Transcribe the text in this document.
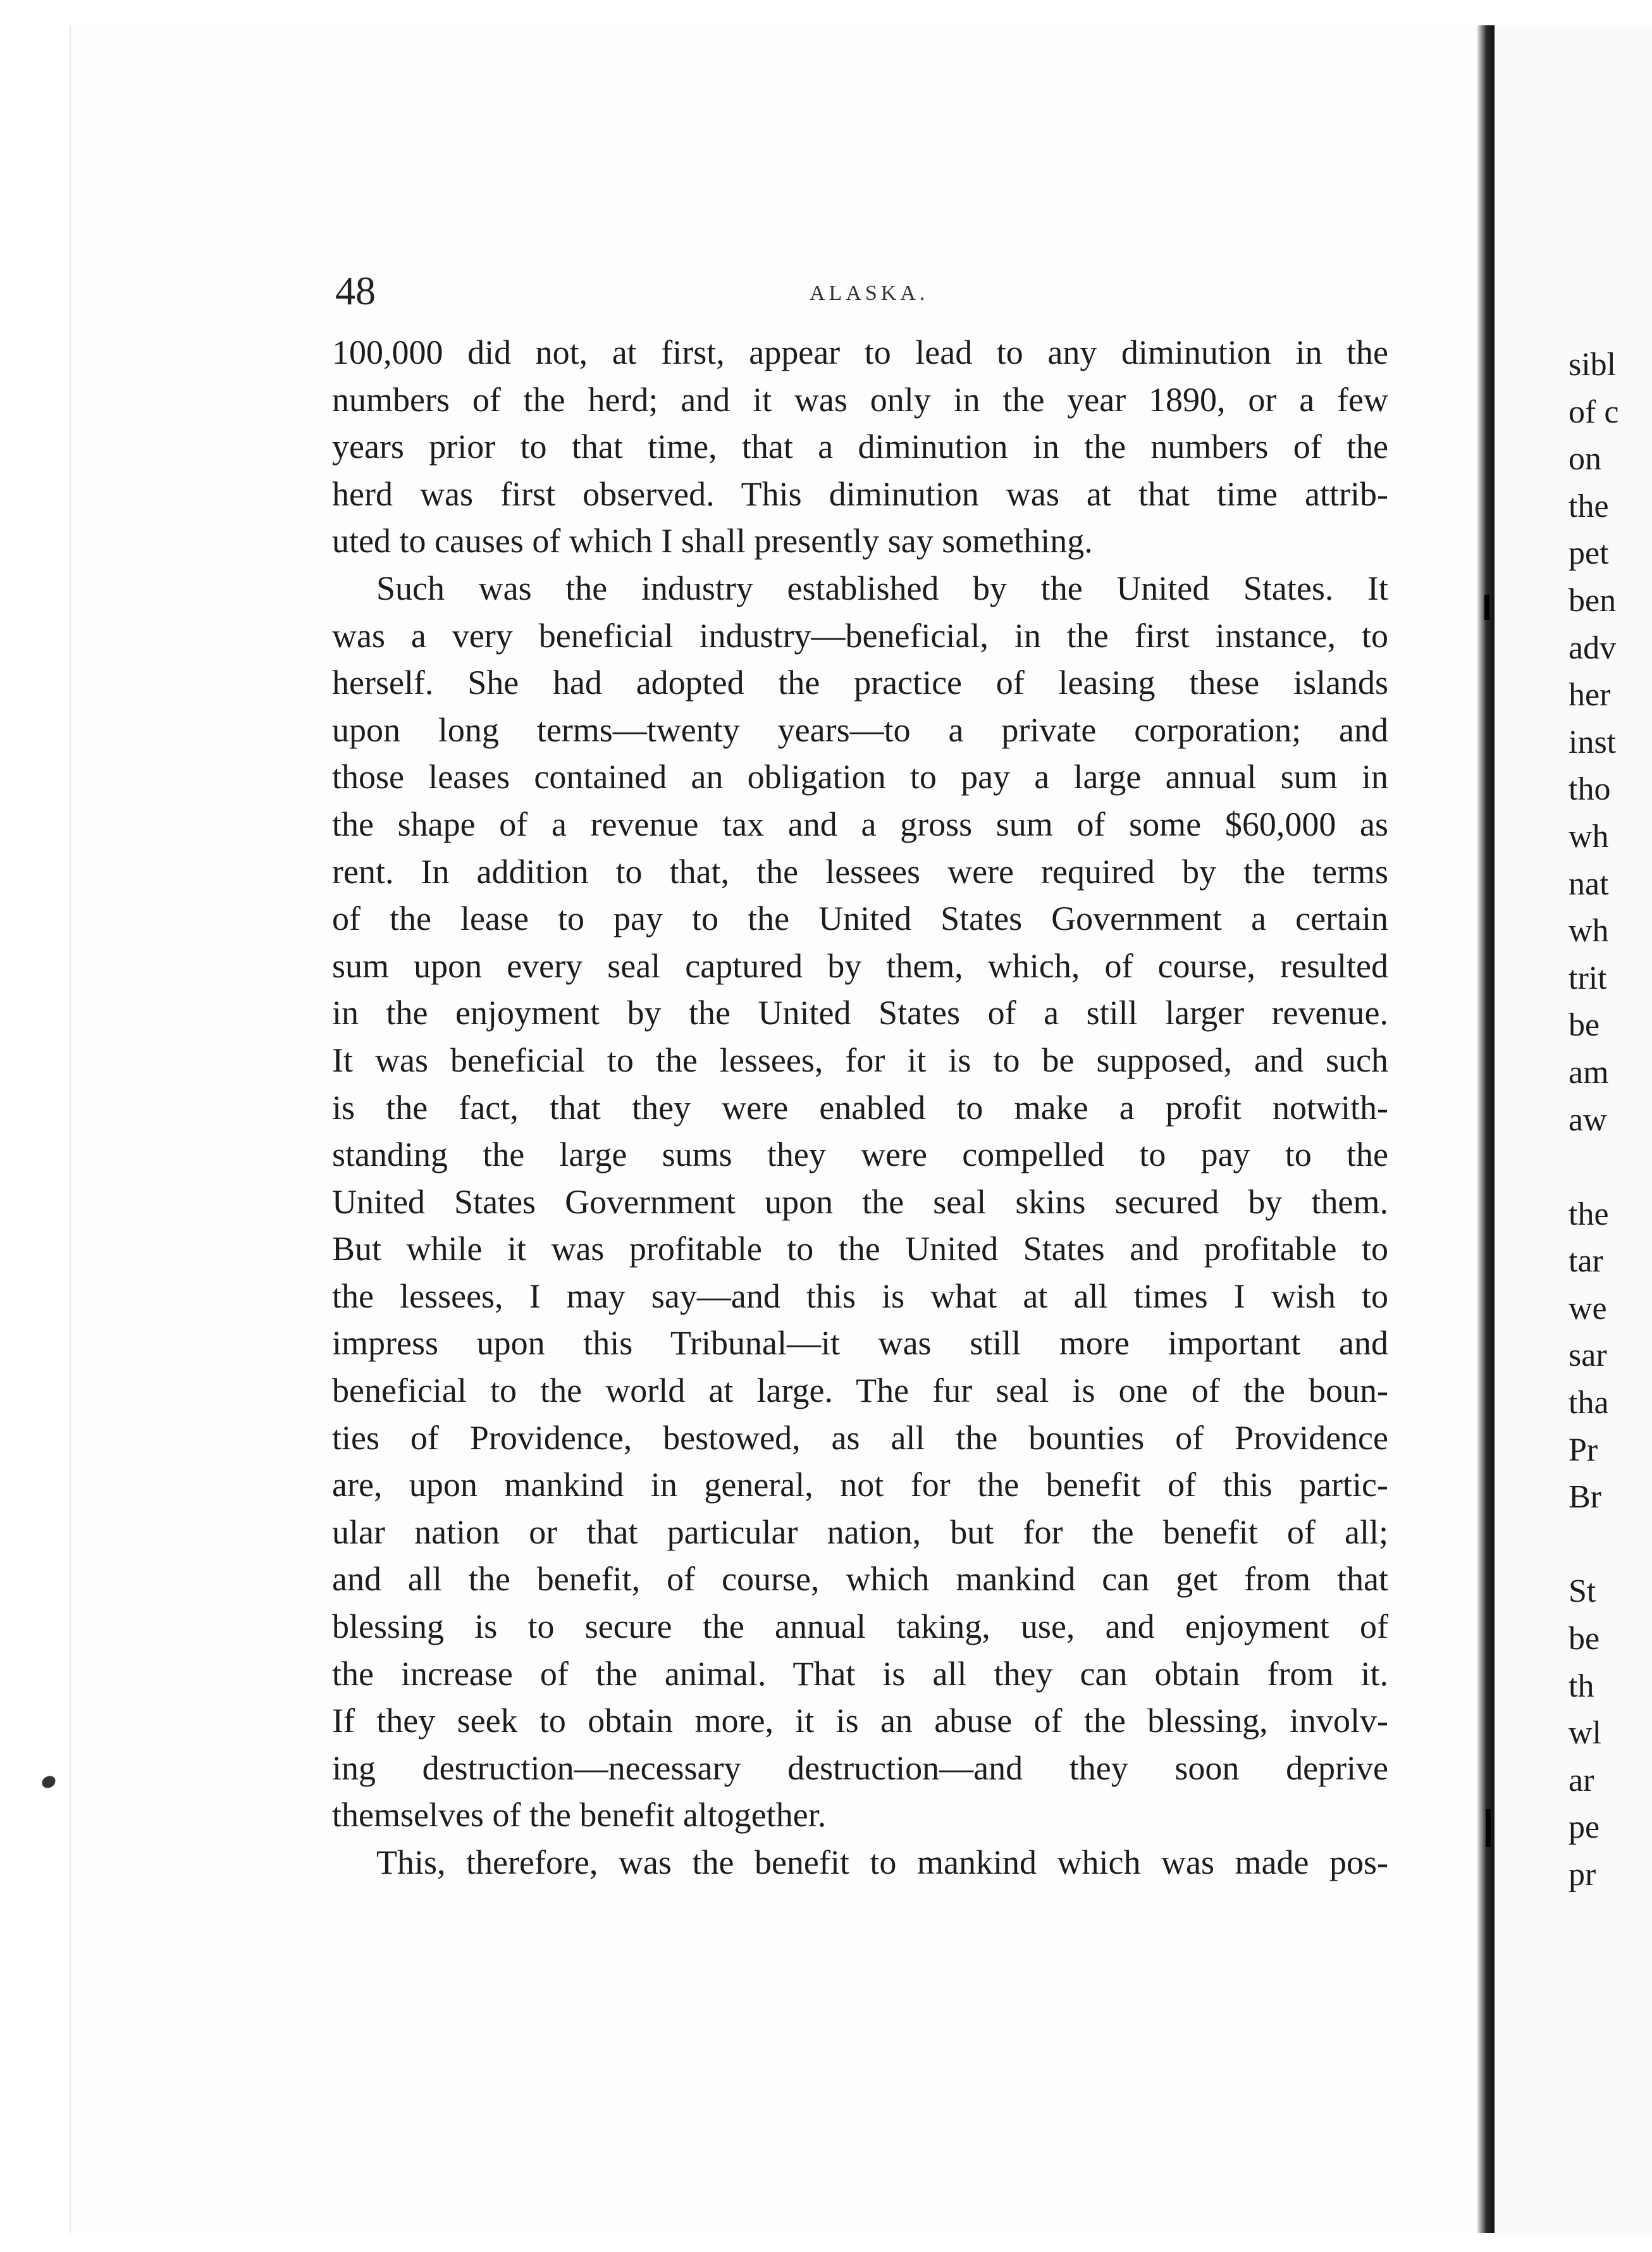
48	ALASKA.
100,000 did not, at first, appear to lead to any diminution in the
numbers of the herd; and it was only in the year 1890, or a few
years prior to that time, that a diminution in the numbers of the
herd was first observed. This diminution was at that time attrib-
uted to causes of which I shall presently say something.
Such was the industry established by the United States. It
was a very beneficial industry—beneficial, in the first instance, to
herself. She had adopted the practice of leasing these islands
upon long terms—twenty years—to a private corporation; and
those leases contained an obligation to pay a large annual sum in
the shape of a revenue tax and a gross sum of some $60,000 as
rent. In addition to that, the lessees were required by the terms
of the lease to pay to the United States Government a certain
sum upon every seal captured by them, which, of course, resulted
in the enjoyment by the United States of a still larger revenue.
It was beneficial to the lessees, for it is to be supposed, and such
is the fact, that they were enabled to make a profit notwith-
standing the large sums they were compelled to pay to the
United States Government upon the seal skins secured by them.
But while it was profitable to the United States and profitable to
the lessees, I may say—and this is what at all times I wish to
impress upon this Tribunal—it was still more important and
beneficial to the world at large. The fur seal is one of the boun-
ties of Providence, bestowed, as all the bounties of Providence
are, upon mankind in general, not for the benefit of this partic-
ular nation or that particular nation, but for the benefit of all;
and all the benefit, of course, which mankind can get from that
blessing is to secure the annual taking, use, and enjoyment of
the increase of the animal. That is all they can obtain from it.
If they seek to obtain more, it is an abuse of the blessing, involv-
ing destruction—necessary destruction—and they soon deprive
themselves of the benefit altogether.
This, therefore, was the benefit to mankind which was made pos-
sibl
of c
on
the
pet
ben
adv
her
inst
tho
wh
nat
wh
trit
be
am
aw
the
tar
we
sar
tha
Pr
Br
St
be
th
wl
ar
pe
pr
